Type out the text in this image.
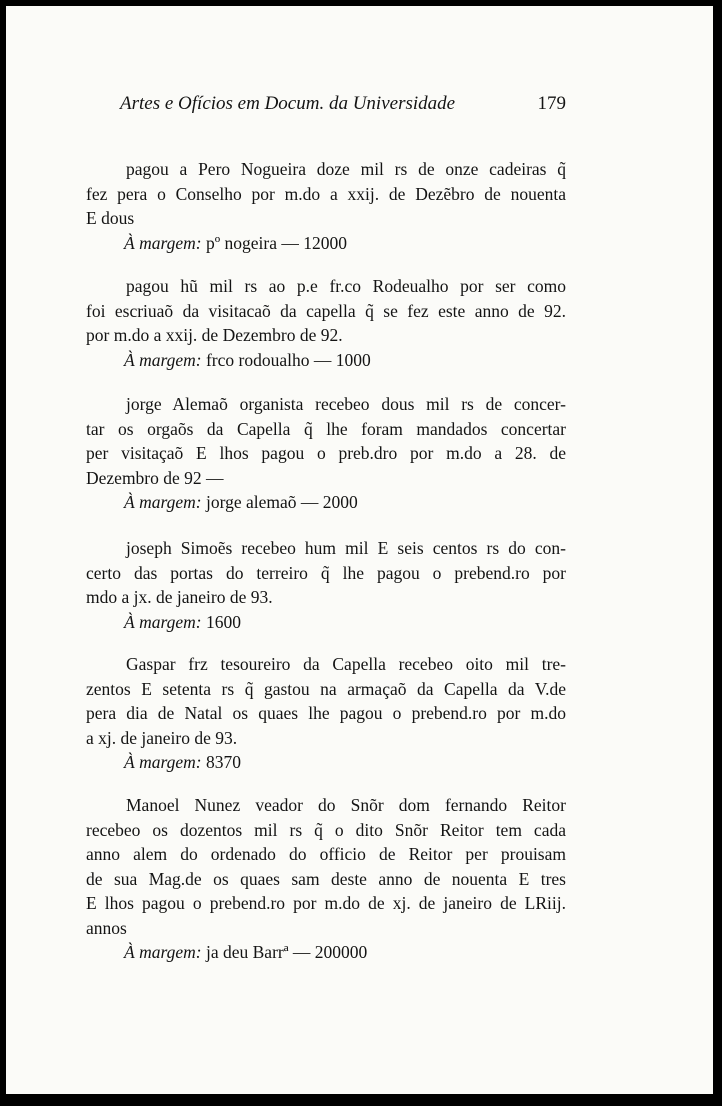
Artes e Ofícios em Docum. da Universidade	179
pagou a Pero Nogueira doze mil rs de onze cadeiras q̃
fez pera o Conselho por m.do a xxij. de Dezẽbro de nouenta
E dous
À margem: pº nogeira — 12000
pagou hũ mil rs ao p.e fr.co Rodeualho por ser como
foi escriuaõ da visitacaõ da capella q̃ se fez este anno de 92.
por m.do a xxij. de Dezembro de 92.
À margem: frco rodoualho — 1000
jorge Alemaõ organista recebeo dous mil rs de concer-
tar os orgaõs da Capella q̃ lhe foram mandados concertar
per visitaçaõ E lhos pagou o preb.dro por m.do a 28. de
Dezembro de 92 —
À margem: jorge alemaõ — 2000
joseph Simoẽs recebeo hum mil E seis centos rs do con-
certo das portas do terreiro q̃ lhe pagou o prebend.ro por
mdo a jx. de janeiro de 93.
À margem: 1600
Gaspar frz tesoureiro da Capella recebeo oito mil tre-
zentos E setenta rs q̃ gastou na armaçaõ da Capella da V.de
pera dia de Natal os quaes lhe pagou o prebend.ro por m.do
a xj. de janeiro de 93.
À margem: 8370
Manoel Nunez veador do Snõr dom fernando Reitor
recebeo os dozentos mil rs q̃ o dito Snõr Reitor tem cada
anno alem do ordenado do officio de Reitor per prouisam
de sua Mag.de os quaes sam deste anno de nouenta E tres
E lhos pagou o prebend.ro por m.do de xj. de janeiro de LRiij.
annos
À margem: ja deu Barrª — 200000
